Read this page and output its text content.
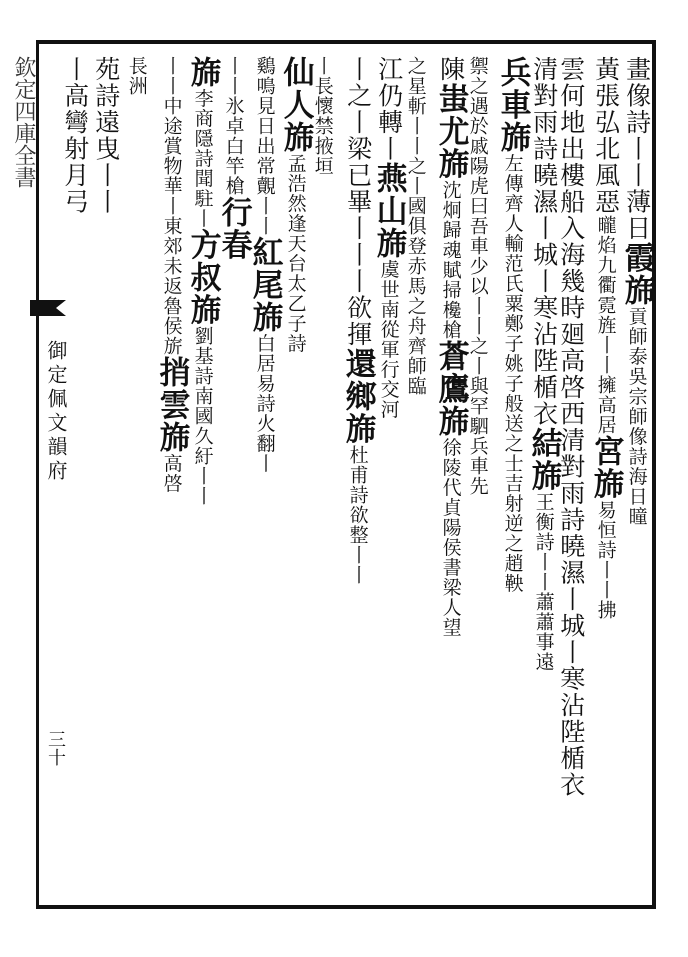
欽定四庫全書
御定佩文韻府
三十
畫像詩丨丨薄日霞旆貢師泰吳宗師像詩海日曈
黃張弘北風惡曨焰九衢霓旌丨丨擁高居宮旆易恒詩丨丨拂
雲何地出樓船入海幾時廻高啓西清對雨詩曉濕丨城丨寒沾陛楯衣
清對雨詩曉濕丨城丨寒沾陛楯衣結旆王衡詩丨丨蕭蕭事遠
兵車旆左傳齊人輸范氏粟鄭子姚子般送之士吉射逆之趙鞅
禦之遇於戚陽虎曰吾車少以丨丨之丨與罕駟兵車先
陳蚩尤旆沈炯歸魂賦掃欃槍蒼鷹旆徐陵代貞陽侯書梁人望
之星斬丨丨之丨國俱登赤馬之舟齊師臨
江仍轉丨燕山旆虞世南從軍行交河
丨之丨梁已畢丨丨丨欲揮還鄉旆杜甫詩欲整丨丨
丨長懷禁掖垣
仙人旆孟浩然逢天台太乙子詩
鷄鳴見日出常覿丨丨紅尾旆白居易詩火翻丨
丨丨氷卓白竿槍行春
旆李商隱詩聞駐丨方叔旆劉基詩南國久紆丨丨
丨丨中途賞物華丨東郊未返魯侯旂捎雲旆高啓
長洲
苑詩遠曳丨丨
丨高彎射月弓
